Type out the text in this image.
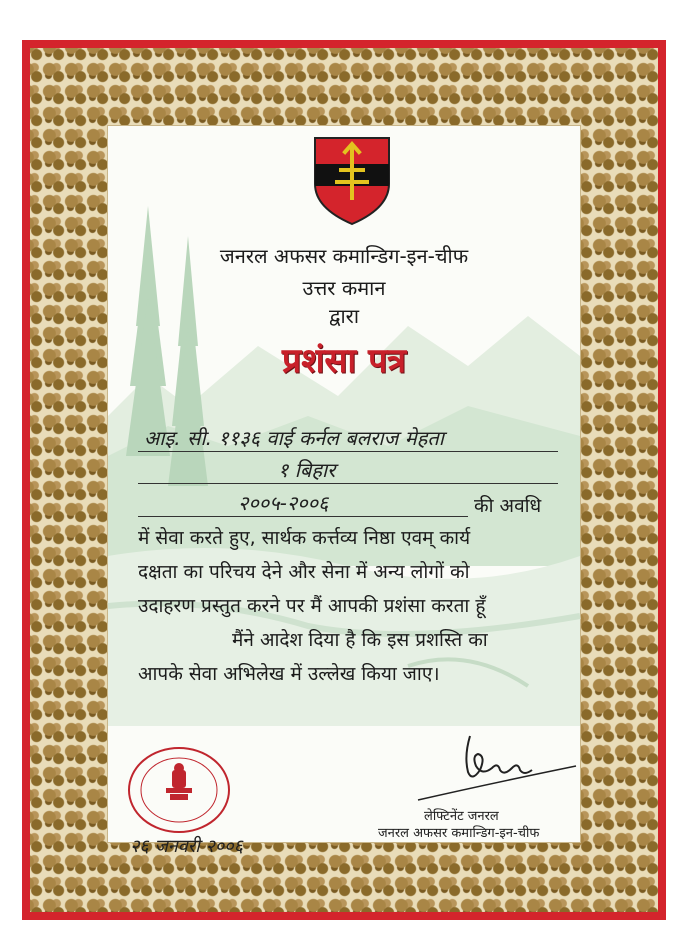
जनरल अफसर कमान्डिग-इन-चीफ
उत्तर कमान
द्वारा
प्रशंसा पत्र
आइ. सी. ११३६ वाई कर्नल बलराज मेहता
१ बिहार
२००५-२००६	की अवधि
में सेवा करते हुए, सार्थक कर्त्तव्य निष्ठा एवम् कार्य
दक्षता का परिचय देने और सेना में अन्य लोगों को
उदाहरण प्रस्तुत करने पर मैं आपकी प्रशंसा करता हूँ
मैंने आदेश दिया है कि इस प्रशस्ति का
आपके सेवा अभिलेख में उल्लेख किया जाए।
लेफ्टिनेंट जनरल
जनरल अफसर कमान्डिग-इन-चीफ
२६ जनवरी २००६
